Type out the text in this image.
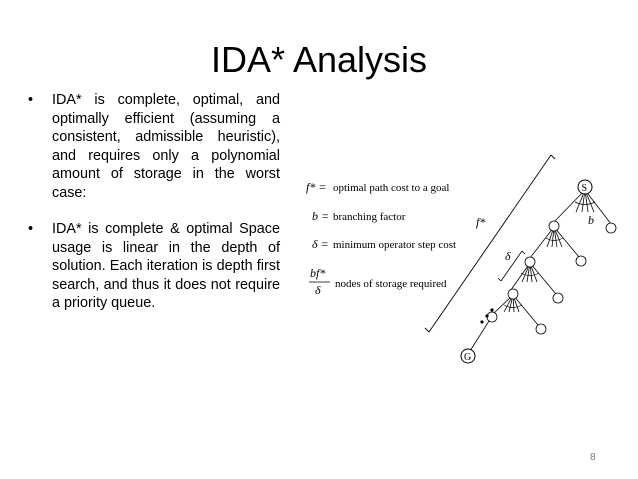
IDA* Analysis
• IDA* is complete, optimal, and optimally efficient (assuming a consistent, admissible heuristic), and requires only a polynomial amount of storage in the worst case:
• IDA* is complete & optimal Space usage is linear in the depth of solution. Each iteration is depth first search, and thus it does not require a priority queue.
f* = optimal path cost to a goal
b = branching factor
δ = minimum operator step cost
bf*
δ nodes of storage required
f*
δ
b
S
G
8
